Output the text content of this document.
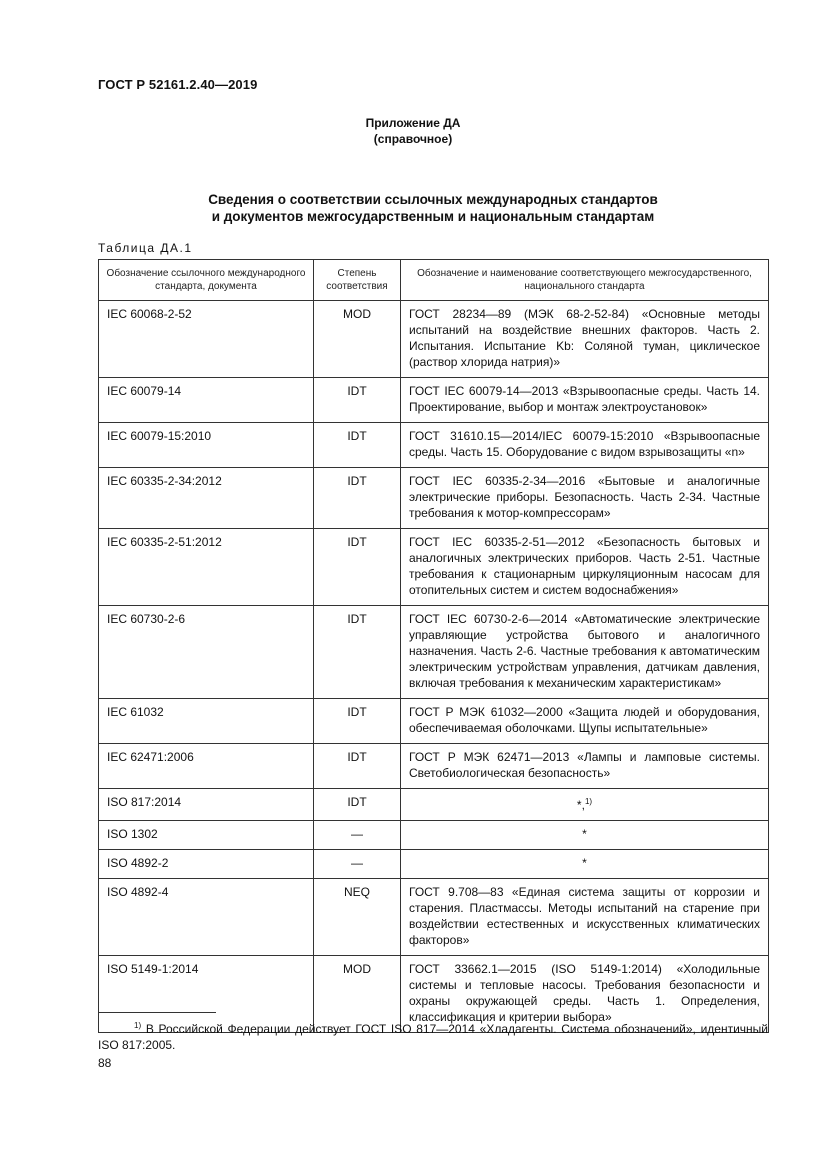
ГОСТ Р 52161.2.40—2019
Приложение ДА
(справочное)
Сведения о соответствии ссылочных международных стандартов
и документов межгосударственным и национальным стандартам
Таблица ДА.1
Обозначение ссылочного международного стандарта, документа	Степень соответствия	Обозначение и наименование соответствующего межгосударственного, национального стандарта
IEC 60068-2-52	MOD	ГОСТ 28234—89 (МЭК 68-2-52-84) «Основные методы испытаний на воздействие внешних факторов. Часть 2. Испытания. Испытание Kb: Соляной туман, циклическое (раствор хлорида натрия)»
IEC 60079-14	IDT	ГОСТ IEC 60079-14—2013 «Взрывоопасные среды. Часть 14. Проектирование, выбор и монтаж электроустановок»
IEC 60079-15:2010	IDT	ГОСТ 31610.15—2014/IEC 60079-15:2010 «Взрывоопасные среды. Часть 15. Оборудование с видом взрывозащиты «n»
IEC 60335-2-34:2012	IDT	ГОСТ IEC 60335-2-34—2016 «Бытовые и аналогичные электрические приборы. Безопасность. Часть 2-34. Частные требования к мотор-компрессорам»
IEC 60335-2-51:2012	IDT	ГОСТ IEC 60335-2-51—2012 «Безопасность бытовых и аналогичных электрических приборов. Часть 2-51. Частные требования к стационарным циркуляционным насосам для отопительных систем и систем водоснабжения»
IEC 60730-2-6	IDT	ГОСТ IEC 60730-2-6—2014 «Автоматические электрические управляющие устройства бытового и аналогичного назначения. Часть 2-6. Частные требования к автоматическим электрическим устройствам управления, датчикам давления, включая требования к механическим характеристикам»
IEC 61032	IDT	ГОСТ Р МЭК 61032—2000 «Защита людей и оборудования, обеспечиваемая оболочками. Щупы испытательные»
IEC 62471:2006	IDT	ГОСТ Р МЭК 62471—2013 «Лампы и ламповые системы. Светобиологическая безопасность»
ISO 817:2014	IDT	*,$^{1)}$
ISO 1302	—	*
ISO 4892-2	—	*
ISO 4892-4	NEQ	ГОСТ 9.708—83 «Единая система защиты от коррозии и старения. Пластмассы. Методы испытаний на старение при воздействии естественных и искусственных климатических факторов»
ISO 5149-1:2014	MOD	ГОСТ 33662.1—2015 (ISO 5149-1:2014) «Холодильные системы и тепловые насосы. Требования безопасности и охраны окружающей среды. Часть 1. Определения, классификация и критерии выбора»
$^{1)}$ В Российской Федерации действует ГОСТ ISO 817—2014 «Хладагенты. Система обозначений», идентичный ISO 817:2005.
88
